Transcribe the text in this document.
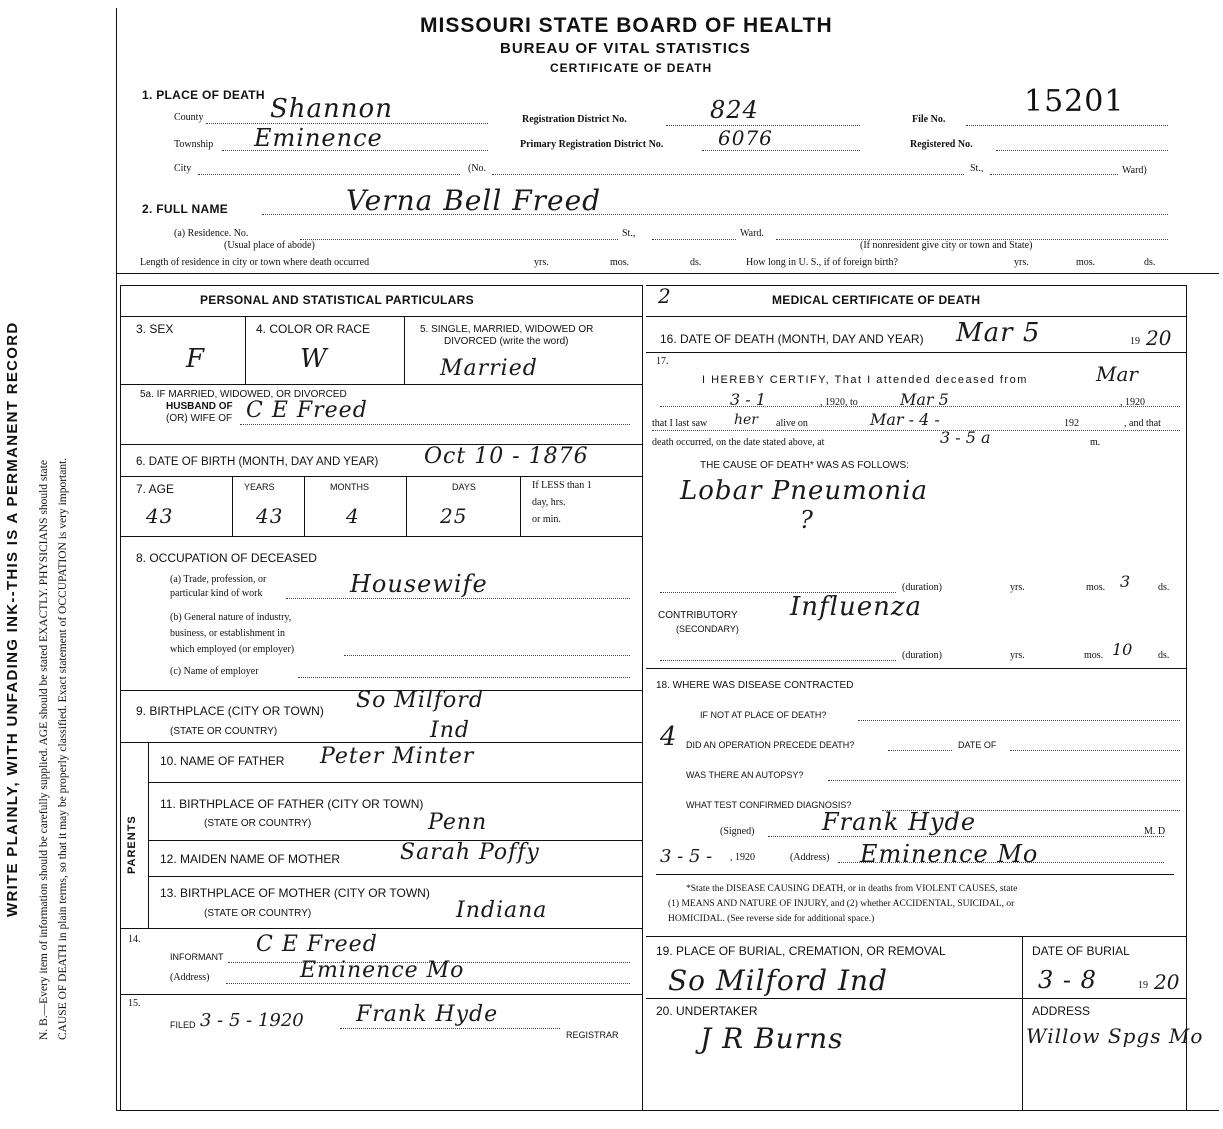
WRITE PLAINLY, WITH UNFADING INK--THIS IS A PERMANENT RECORD N. B.—Every item of information should be carefully supplied. AGE should be stated EXACTLY. PHYSICIANS should state CAUSE OF DEATH in plain terms, so that it may be properly classified. Exact statement of OCCUPATION is very important.
MISSOURI STATE BOARD OF HEALTH
BUREAU OF VITAL STATISTICS
CERTIFICATE OF DEATH
1. PLACE OF DEATH
County	Shannon
Township Eminence
City	(No.	St.,	Ward)
Registration District No.	824
Primary Registration District No.	6076
File No.
15201
Registered No.
2. FULL NAME	Verna Bell Freed
(a) Residence. No.	St.,	Ward.
(Usual place of abode)	(If nonresident give city or town and State)
Length of residence in city or town where death occurred	yrs.	mos.	ds.	How long in U. S., if of foreign birth?	yrs.	mos.	ds.
PERSONAL AND STATISTICAL PARTICULARS
3. SEX
F
4. COLOR OR RACE
W
5. SINGLE, MARRIED, WIDOWED OR
DIVORCED (write the word)
Married
5a. IF MARRIED, WIDOWED, OR DIVORCED
HUSBAND OF
(OR) WIFE OF C E Freed
6. DATE OF BIRTH (MONTH, DAY AND YEAR) Oct 10 - 1876
7. AGE
43
YEARS
43
MONTHS
4
DAYS
25
If LESS than 1
day, hrs.
or min.
8. OCCUPATION OF DECEASED
(a) Trade, profession, or
particular kind of work	Housewife
(b) General nature of industry,
business, or establishment in
which employed (or employer)
(c) Name of employer
9. BIRTHPLACE (CITY OR TOWN) So Milford
(STATE OR COUNTRY)	Ind
PARENTS
10. NAME OF FATHER Peter Minter
11. BIRTHPLACE OF FATHER (CITY OR TOWN)
(STATE OR COUNTRY)	Penn
12. MAIDEN NAME OF MOTHER	Sarah Poffy
13. BIRTHPLACE OF MOTHER (CITY OR TOWN)
(STATE OR COUNTRY)	Indiana
14.
INFORMANT C E Freed
(Address)	Eminence Mo
15.
FILED 3 - 5 - 1920 Frank Hyde
REGISTRAR
2	MEDICAL CERTIFICATE OF DEATH
16. DATE OF DEATH (MONTH, DAY AND YEAR) Mar 5	19 20
17.
I HEREBY CERTIFY, That I attended deceased from	Mar
3 - 1	, 1920, to	Mar 5	, 1920
that I last saw her alive on	Mar - 4 -	192	, and that
death occurred, on the date stated above, at	3 - 5 a	m.
THE CAUSE OF DEATH* WAS AS FOLLOWS:
Lobar Pneumonia
?
(duration)	yrs.	mos. 3	ds.
CONTRIBUTORY
(SECONDARY)
Influenza
(duration)	yrs.	mos. 10	ds.
18. WHERE WAS DISEASE CONTRACTED
IF NOT AT PLACE OF DEATH?
4 DID AN OPERATION PRECEDE DEATH?	DATE OF
WAS THERE AN AUTOPSY?
WHAT TEST CONFIRMED DIAGNOSIS?
(Signed)	Frank Hyde	M. D
3 - 5 - , 1920	(Address) Eminence Mo
*State the DISEASE CAUSING DEATH, or in deaths from VIOLENT CAUSES, state
(1) MEANS AND NATURE OF INJURY, and (2) whether ACCIDENTAL, SUICIDAL, or
HOMICIDAL. (See reverse side for additional space.)
19. PLACE OF BURIAL, CREMATION, OR REMOVAL
So Milford Ind
DATE OF BURIAL
3 - 8	19 20
20. UNDERTAKER
J R Burns
ADDRESS
Willow Spgs Mo
